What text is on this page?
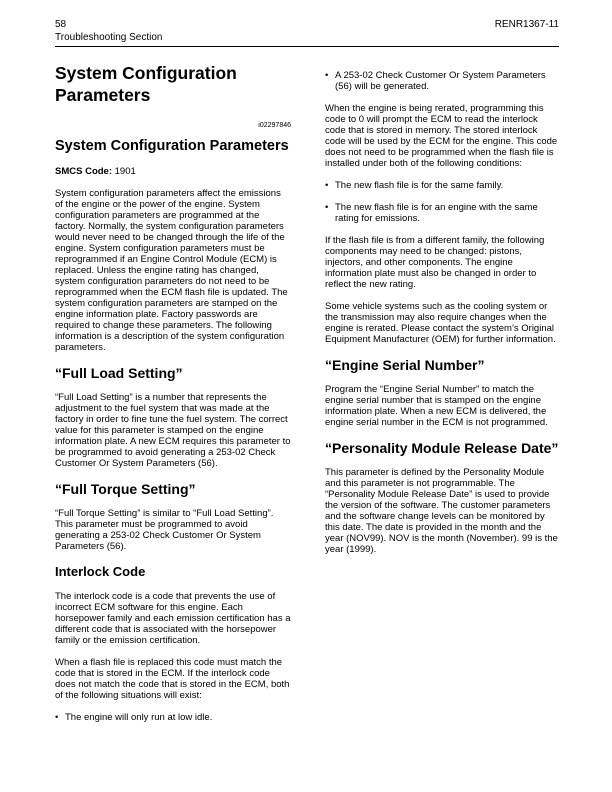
58
Troubleshooting Section
RENR1367-11
System Configuration Parameters
i02297846
System Configuration Parameters
SMCS Code: 1901

System configuration parameters affect the emissions of the engine or the power of the engine. System configuration parameters are programmed at the factory. Normally, the system configuration parameters would never need to be changed through the life of the engine. System configuration parameters must be reprogrammed if an Engine Control Module (ECM) is replaced. Unless the engine rating has changed, system configuration parameters do not need to be reprogrammed when the ECM flash file is updated. The system configuration parameters are stamped on the engine information plate. Factory passwords are required to change these parameters. The following information is a description of the system configuration parameters.

“Full Load Setting”

“Full Load Setting” is a number that represents the adjustment to the fuel system that was made at the factory in order to fine tune the fuel system. The correct value for this parameter is stamped on the engine information plate. A new ECM requires this parameter to be programmed to avoid generating a 253-02 Check Customer Or System Parameters (56).

“Full Torque Setting”

“Full Torque Setting” is similar to “Full Load Setting”. This parameter must be programmed to avoid generating a 253-02 Check Customer Or System Parameters (56).

Interlock Code

The interlock code is a code that prevents the use of incorrect ECM software for this engine. Each horsepower family and each emission certification has a different code that is associated with the horsepower family or the emission certification.

When a flash file is replaced this code must match the code that is stored in the ECM. If the interlock code does not match the code that is stored in the ECM, both of the following situations will exist:

• The engine will only run at low idle.
• A 253-02 Check Customer Or System Parameters (56) will be generated.

When the engine is being rerated, programming this code to 0 will prompt the ECM to read the interlock code that is stored in memory. The stored interlock code will be used by the ECM for the engine. This code does not need to be programmed when the flash file is installed under both of the following conditions:

• The new flash file is for the same family.
• The new flash file is for an engine with the same rating for emissions.

If the flash file is from a different family, the following components may need to be changed: pistons, injectors, and other components. The engine information plate must also be changed in order to reflect the new rating.

Some vehicle systems such as the cooling system or the transmission may also require changes when the engine is rerated. Please contact the system’s Original Equipment Manufacturer (OEM) for further information.

“Engine Serial Number”

Program the “Engine Serial Number” to match the engine serial number that is stamped on the engine information plate. When a new ECM is delivered, the engine serial number in the ECM is not programmed.

“Personality Module Release Date”

This parameter is defined by the Personality Module and this parameter is not programmable. The “Personality Module Release Date” is used to provide the version of the software. The customer parameters and the software change levels can be monitored by this date. The date is provided in the month and the year (NOV99). NOV is the month (November). 99 is the year (1999).
